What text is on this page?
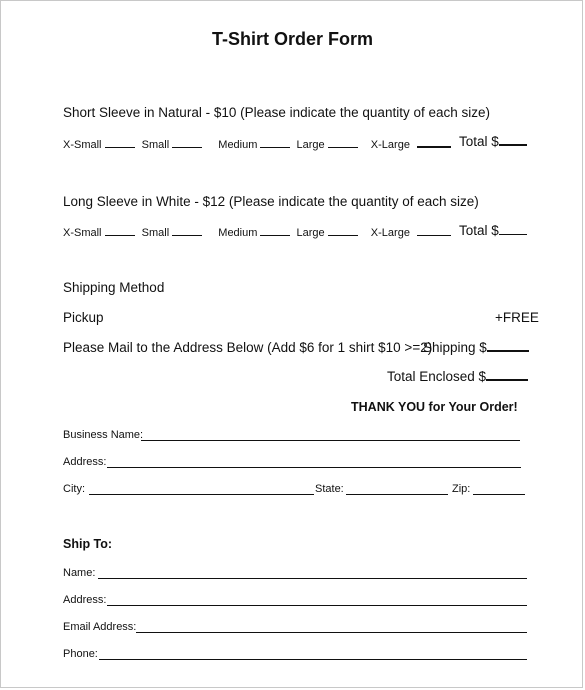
T-Shirt Order Form
Short Sleeve in Natural - $10 (Please indicate the quantity of each size)
X-Small	Small	Medium	Large	X-Large	Total $
Long Sleeve in White - $12 (Please indicate the quantity of each size)
X-Small	Small	Medium	Large	X-Large	Total $
Shipping Method
Pickup	+FREE
Please Mail to the Address Below (Add $6 for 1 shirt $10 >=2)
Shipping $
Total Enclosed $
THANK YOU for Your Order!
Business Name:
Address:
City:	State:	Zip:
Ship To:
Name:
Address:
Email Address:
Phone:
